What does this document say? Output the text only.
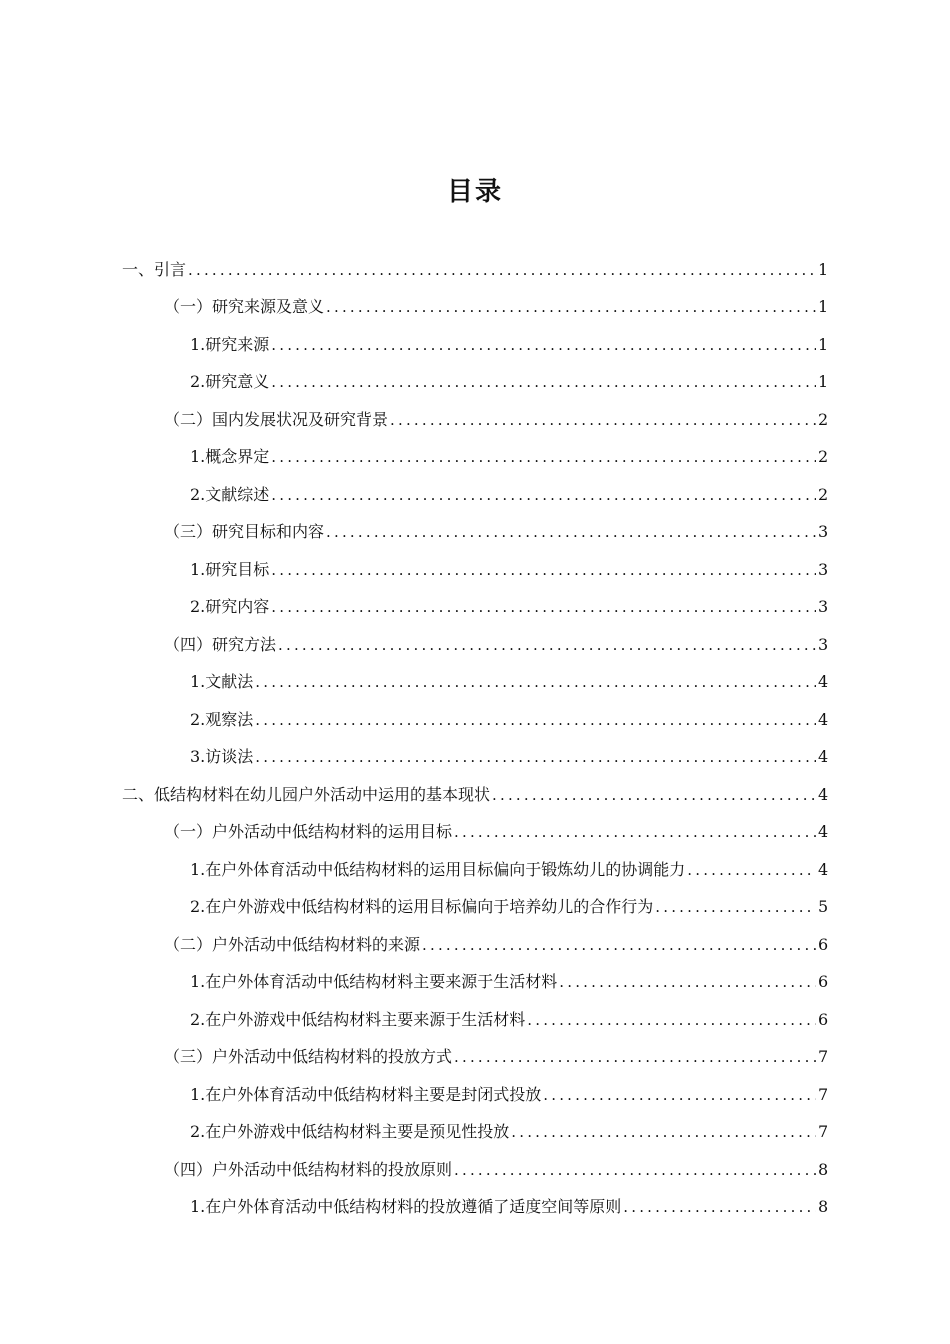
目录
一、引言 .....	1
（一）研究来源及意义 .....	1
1.研究来源 .....	1
2.研究意义 .....	1
（二）国内发展状况及研究背景 .....	2
1.概念界定 .....	2
2.文献综述 .....	2
（三）研究目标和内容 .....	3
1.研究目标 .....	3
2.研究内容 .....	3
（四）研究方法 .....	3
1.文献法 .....	4
2.观察法 .....	4
3.访谈法 .....	4
二、低结构材料在幼儿园户外活动中运用的基本现状 .....	4
（一）户外活动中低结构材料的运用目标 .....	4
1.在户外体育活动中低结构材料的运用目标偏向于锻炼幼儿的协调能力 .....	4
2.在户外游戏中低结构材料的运用目标偏向于培养幼儿的合作行为 .....	5
（二）户外活动中低结构材料的来源 .....	6
1.在户外体育活动中低结构材料主要来源于生活材料 .....	6
2.在户外游戏中低结构材料主要来源于生活材料 .....	6
（三）户外活动中低结构材料的投放方式 .....	7
1.在户外体育活动中低结构材料主要是封闭式投放 .....	7
2.在户外游戏中低结构材料主要是预见性投放 .....	7
（四）户外活动中低结构材料的投放原则 .....	8
1.在户外体育活动中低结构材料的投放遵循了适度空间等原则 .....	8
